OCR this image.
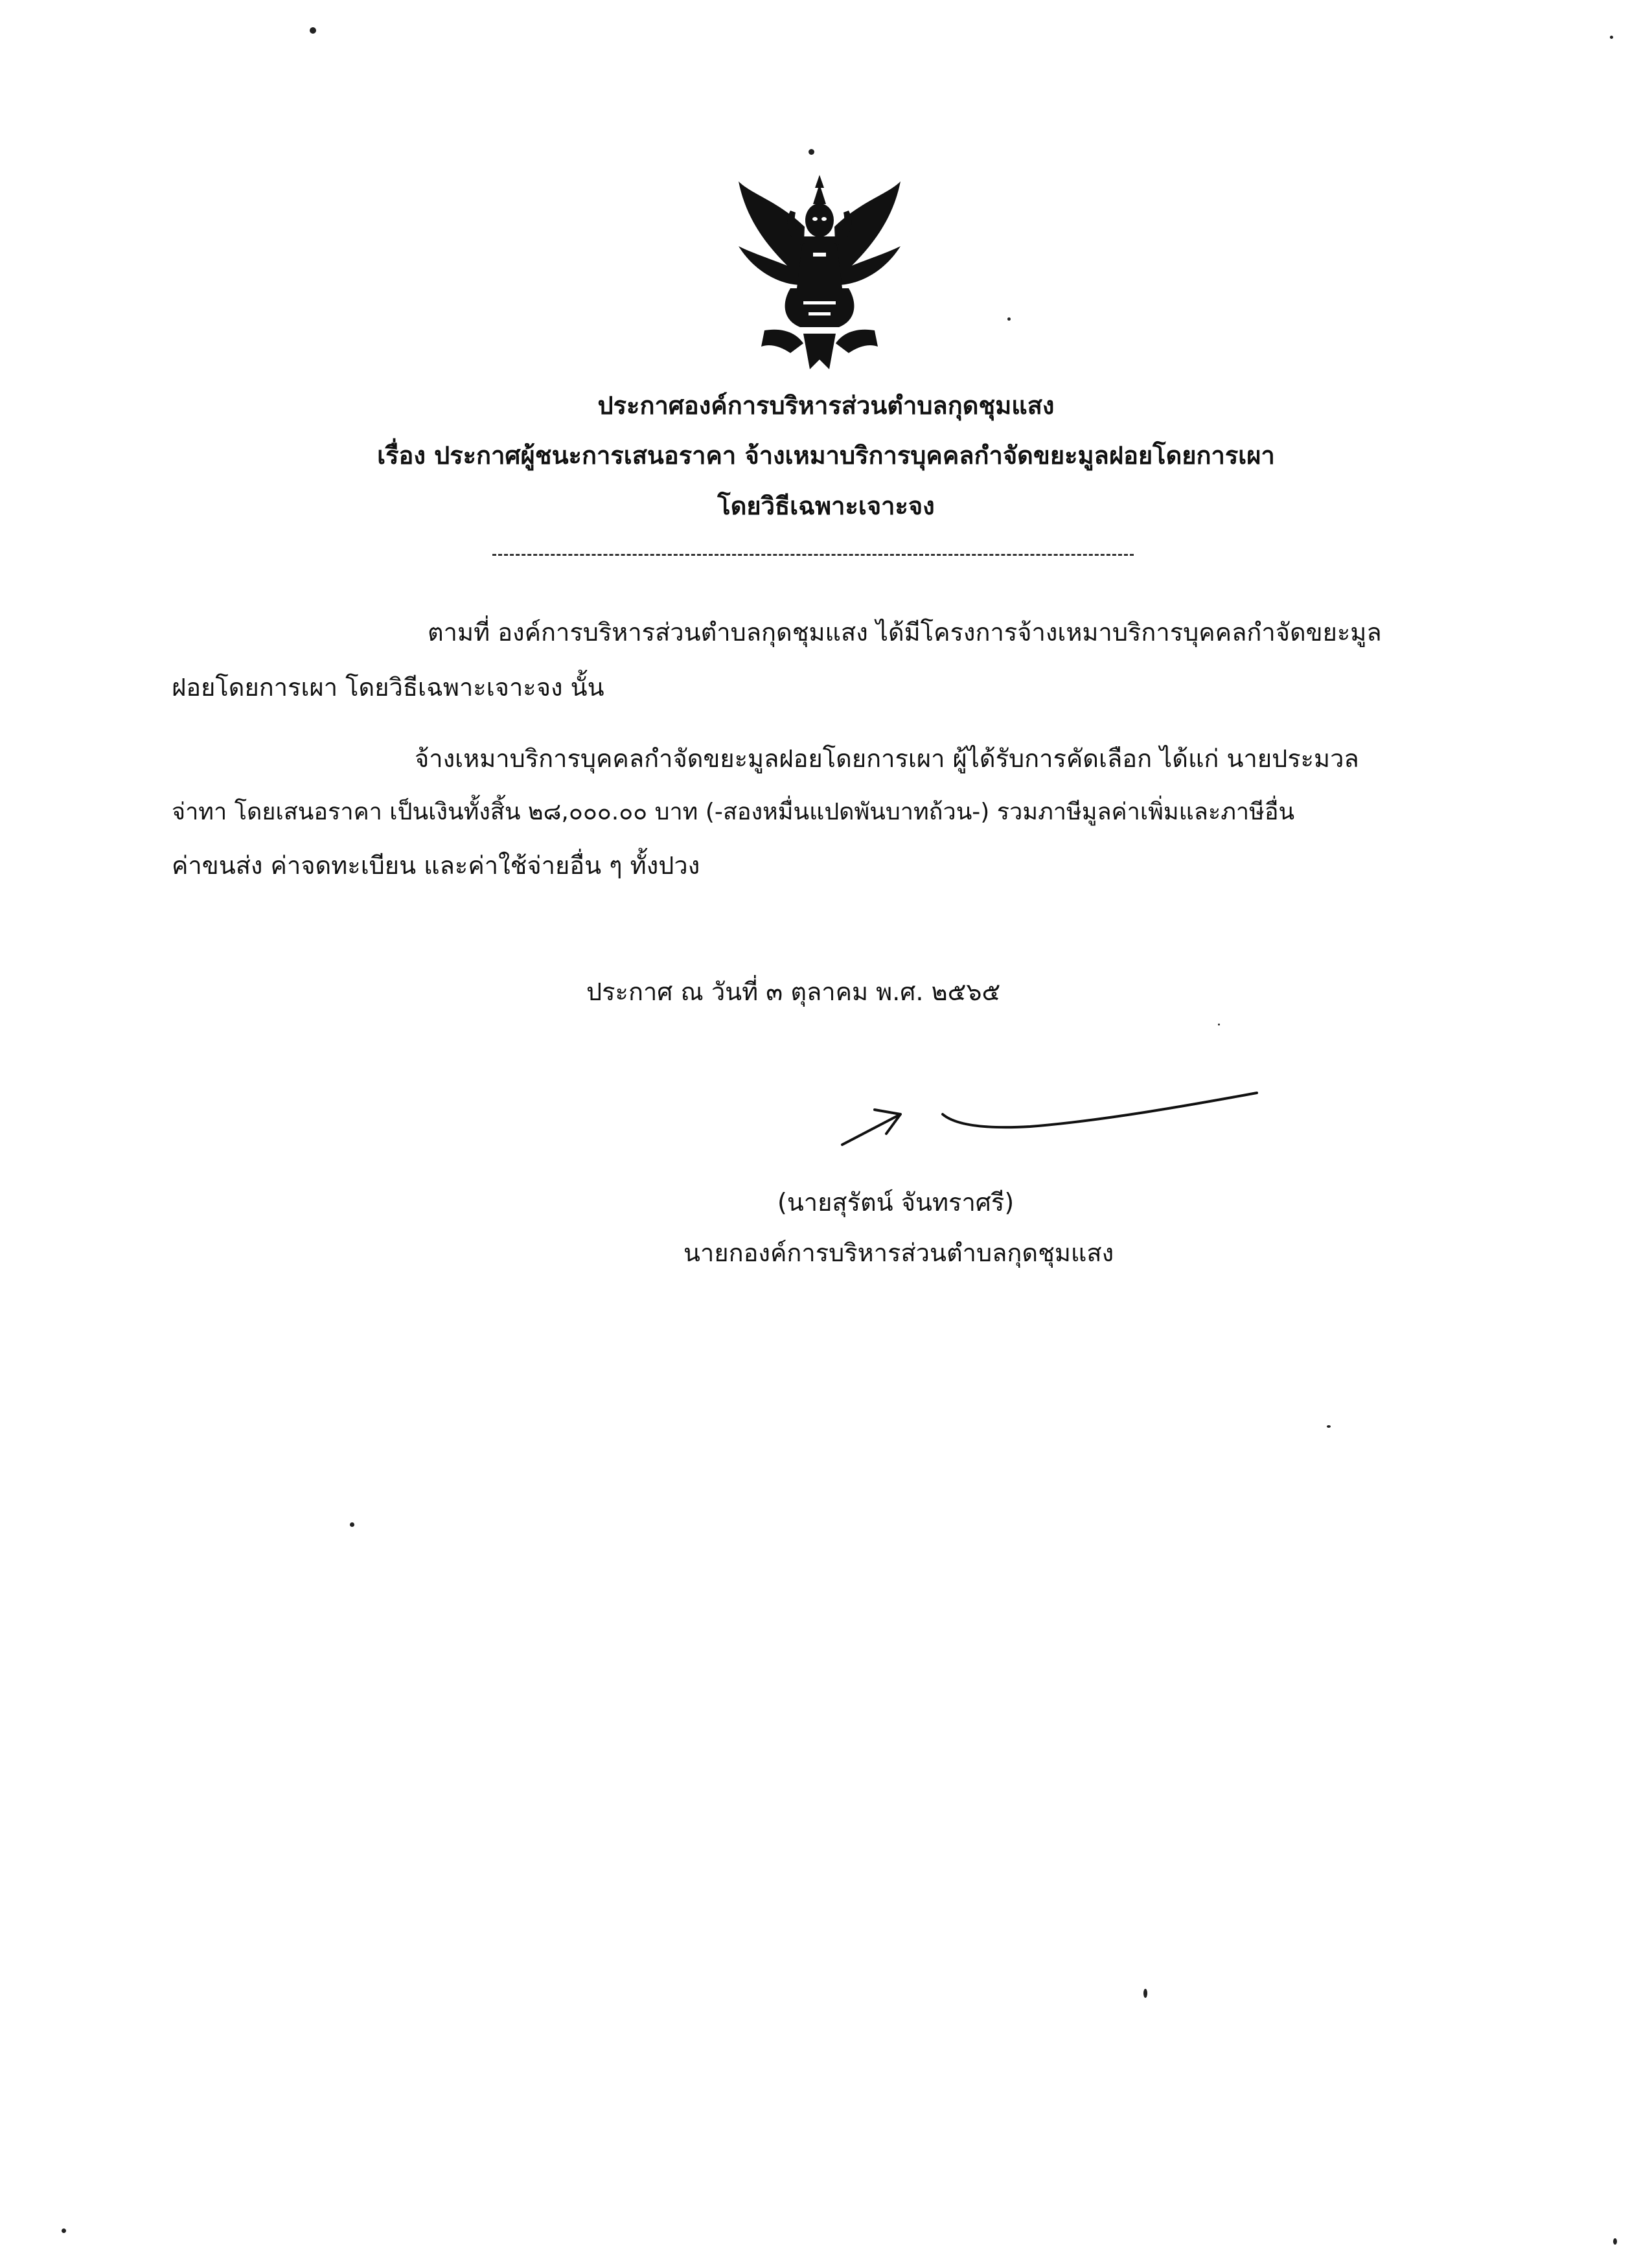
ประกาศองค์การบริหารส่วนตำบลกุดชุมแสง
เรื่อง ประกาศผู้ชนะการเสนอราคา จ้างเหมาบริการบุคคลกำจัดขยะมูลฝอยโดยการเผา
โดยวิธีเฉพาะเจาะจง
ตามที่ องค์การบริหารส่วนตำบลกุดชุมแสง ได้มีโครงการจ้างเหมาบริการบุคคลกำจัดขยะมูล
ฝอยโดยการเผา โดยวิธีเฉพาะเจาะจง นั้น
จ้างเหมาบริการบุคคลกำจัดขยะมูลฝอยโดยการเผา ผู้ได้รับการคัดเลือก ได้แก่ นายประมวล
จ่าทา โดยเสนอราคา เป็นเงินทั้งสิ้น ๒๘,๐๐๐.๐๐ บาท (-สองหมื่นแปดพันบาทถ้วน-) รวมภาษีมูลค่าเพิ่มและภาษีอื่น
ค่าขนส่ง ค่าจดทะเบียน และค่าใช้จ่ายอื่น ๆ ทั้งปวง
ประกาศ ณ วันที่ ๓ ตุลาคม พ.ศ. ๒๕๖๕
(นายสุรัตน์ จันทราศรี)
นายกองค์การบริหารส่วนตำบลกุดชุมแสง
